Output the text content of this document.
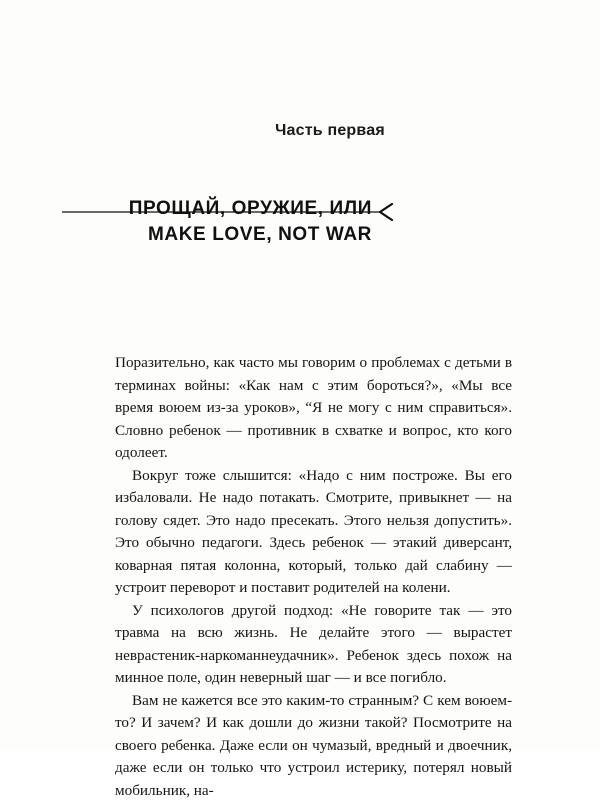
Часть первая
ПРОЩАЙ, ОРУЖИЕ, ИЛИ
MAKE LOVE, NOT WAR

Поразительно, как часто мы говорим о проблемах с детьми в терминах войны: «Как нам с этим бороться?», «Мы все время воюем из-за уроков», “Я не могу с ним справиться». Словно ребенок — противник в схватке и вопрос, кто кого одолеет.

Вокруг тоже слышится: «Надо с ним построже. Вы его избаловали. Не надо потакать. Смотрите, привыкнет — на голову сядет. Это надо пресекать. Этого нельзя допустить». Это обычно педагоги. Здесь ребенок — этакий диверсант, коварная пятая колонна, который, только дай слабину — устроит переворот и поставит родителей на колени.

У психологов другой подход: «Не говорите так — это травма на всю жизнь. Не делайте этого — вырастет неврастеник-наркоманнеудачник». Ребенок здесь похож на минное поле, один неверный шаг — и все погибло.

Вам не кажется все это каким-то странным? С кем воюем-то? И зачем? И как дошли до жизни такой? Посмотрите на своего ребенка. Даже если он чумазый, вредный и двоечник, даже если он только что устроил истерику, потерял новый мобильник, на-
